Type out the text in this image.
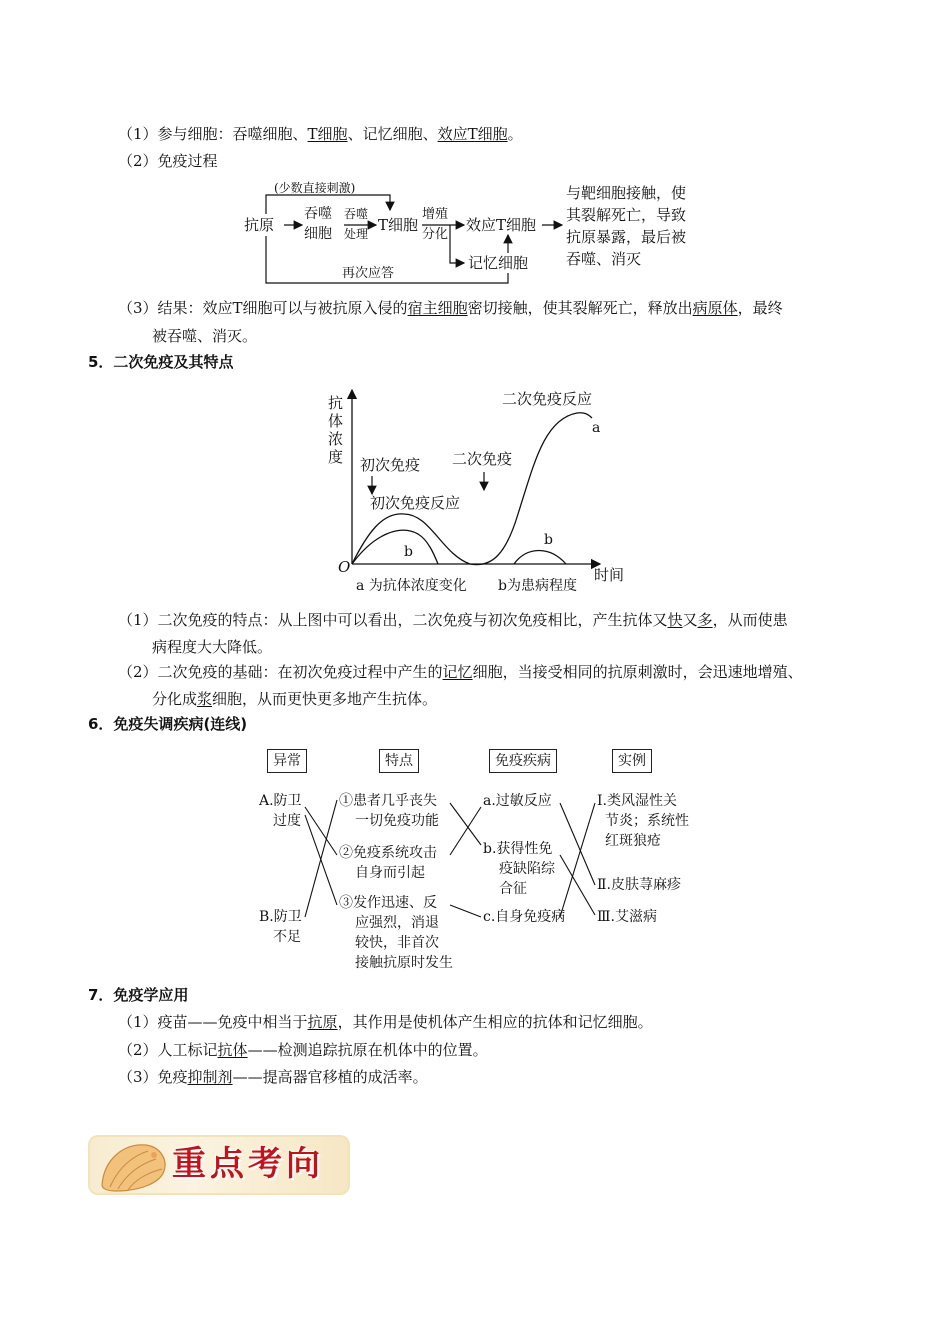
（1）参与细胞：吞噬细胞、T细胞、记忆细胞、效应T细胞。
（2）免疫过程
(少数直接刺激)
抗原
吞噬
细胞
吞噬
处理 T细胞
增殖
分化
效应T细胞
记忆细胞
再次应答
与靶细胞接触，使
其裂解死亡，导致
抗原暴露，最后被
吞噬、消灭
（3）结果：效应T细胞可以与被抗原入侵的宿主细胞密切接触，使其裂解死亡，释放出病原体，最终
被吞噬、消灭。
5．二次免疫及其特点
抗
体
浓
度
O	时间
初次免疫
初次免疫反应
二次免疫
二次免疫反应
a
b
b
a 为抗体浓度变化 b为患病程度
（1）二次免疫的特点：从上图中可以看出，二次免疫与初次免疫相比，产生抗体又快又多，从而使患
病程度大大降低。
（2）二次免疫的基础：在初次免疫过程中产生的记忆细胞，当接受相同的抗原刺激时，会迅速地增殖、
分化成浆细胞，从而更快更多地产生抗体。
6．免疫失调疾病(连线)
异常	特点	免疫疾病	实例
A.防卫
过度
B.防卫
不足
①患者几乎丧失
一切免疫功能
②免疫系统攻击
自身而引起
③发作迅速、反
应强烈，消退
较快，非首次
接触抗原时发生
a.过敏反应
b.获得性免
疫缺陷综
合征
c.自身免疫病
Ⅰ.类风湿性关
节炎；系统性
红斑狼疮
Ⅱ.皮肤荨麻疹
Ⅲ.艾滋病
7．免疫学应用
（1）疫苗——免疫中相当于抗原，其作用是使机体产生相应的抗体和记忆细胞。
（2）人工标记抗体——检测追踪抗原在机体中的位置。
（3）免疫抑制剂——提高器官移植的成活率。
重点考向
